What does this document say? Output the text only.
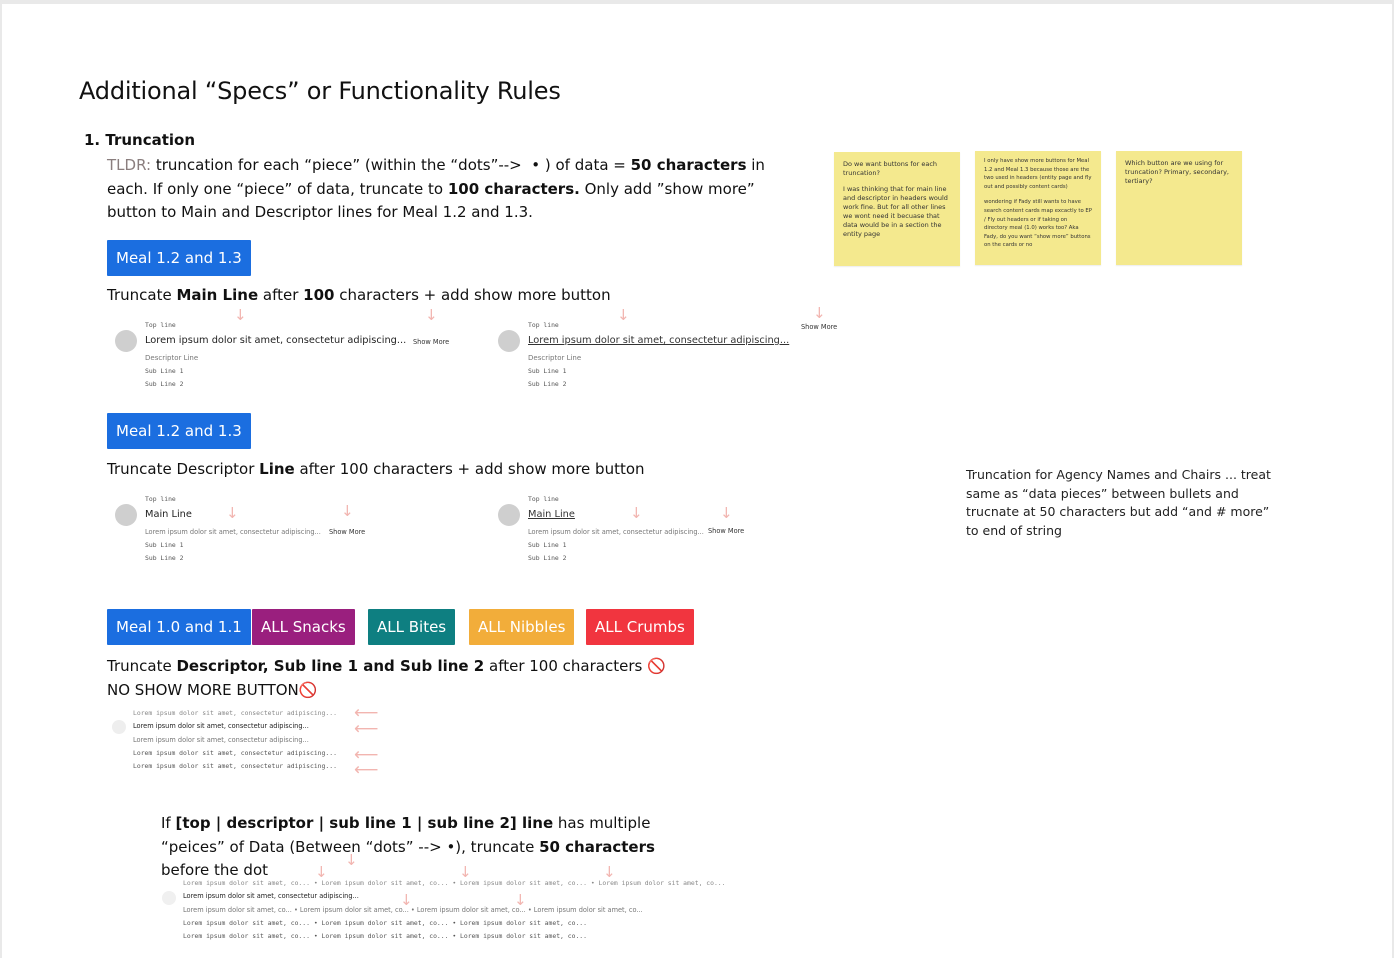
Additional “Specs” or Functionality Rules
1. Truncation
TLDR: truncation for each “piece” (within the “dots”-->  • ) of data = 50 characters in each. If only one “piece” of data, truncate to 100 characters. Only add ”show more” button to Main and Descriptor lines for Meal 1.2 and 1.3.

Do we want buttons for each truncation?

I was thinking that for main line and descriptor in headers would work fine. But for all other lines we wont need it becuase that data would be in a section the entity page

I only have show more buttons for Meal 1.2 and Meal 1.3 because those are the two used in headers (entity page and fly out and possibly content cards)

wondering if Fady still wants to have search content cards map excactly to EP / Fly out headers or if taking on directory meal (1.0) works too? Aka Fady, do you want “show more” buttons on the cards or no

Which button are we using for truncation? Primary, secondary, tertiary?

Meal 1.2 and 1.3
Truncate Main Line after 100 characters + add show more button
↓	↓
Top line
Lorem ipsum dolor sit amet, consectetur adipiscing... Show More
Descriptor Line
Sub Line 1
Sub Line 2
↓	↓
Show More
Top line
Lorem ipsum dolor sit amet, consectetur adipiscing...
Descriptor Line
Sub Line 1
Sub Line 2
Meal 1.2 and 1.3
Truncate Descriptor Line after 100 characters + add show more button
↓	↓
Top line
Main Line
Lorem ipsum dolor sit amet, consectetur adipiscing... Show More
Sub Line 1
Sub Line 2
↓	↓
Top line
Main Line
Lorem ipsum dolor sit amet, consectetur adipiscing... Show More
Sub Line 1
Sub Line 2
Truncation for Agency Names and Chairs ... treat same as “data pieces” between bullets and trucnate at 50 characters but add “and # more” to end of string
Meal 1.0 and 1.1	ALL Snacks	ALL Bites	ALL Nibbles	ALL Crumbs
Truncate Descriptor, Sub line 1 and Sub line 2 after 100 characters 🚫NO SHOW MORE BUTTON🚫
Lorem ipsum dolor sit amet, consectetur adipiscing...
Lorem ipsum dolor sit amet, consectetur adipiscing...
Lorem ipsum dolor sit amet, consectetur adipiscing...
Lorem ipsum dolor sit amet, consectetur adipiscing...
Lorem ipsum dolor sit amet, consectetur adipiscing...
⟵
⟵
⟵
⟵
If [top | descriptor | sub line 1 | sub line 2] line has multiple “peices” of Data (Between “dots” --> •), truncate 50 characters before the dot
↓
↓	↓	↓
↓	↓
Lorem ipsum dolor sit amet, co... • Lorem ipsum dolor sit amet, co... • Lorem ipsum dolor sit amet, co... • Lorem ipsum dolor sit amet, co...
Lorem ipsum dolor sit amet, consectetur adipiscing...
Lorem ipsum dolor sit amet, co... • Lorem ipsum dolor sit amet, co... • Lorem ipsum dolor sit amet, co... • Lorem ipsum dolor sit amet, co...
Lorem ipsum dolor sit amet, co... • Lorem ipsum dolor sit amet, co... • Lorem ipsum dolor sit amet, co...
Lorem ipsum dolor sit amet, co... • Lorem ipsum dolor sit amet, co... • Lorem ipsum dolor sit amet, co...
